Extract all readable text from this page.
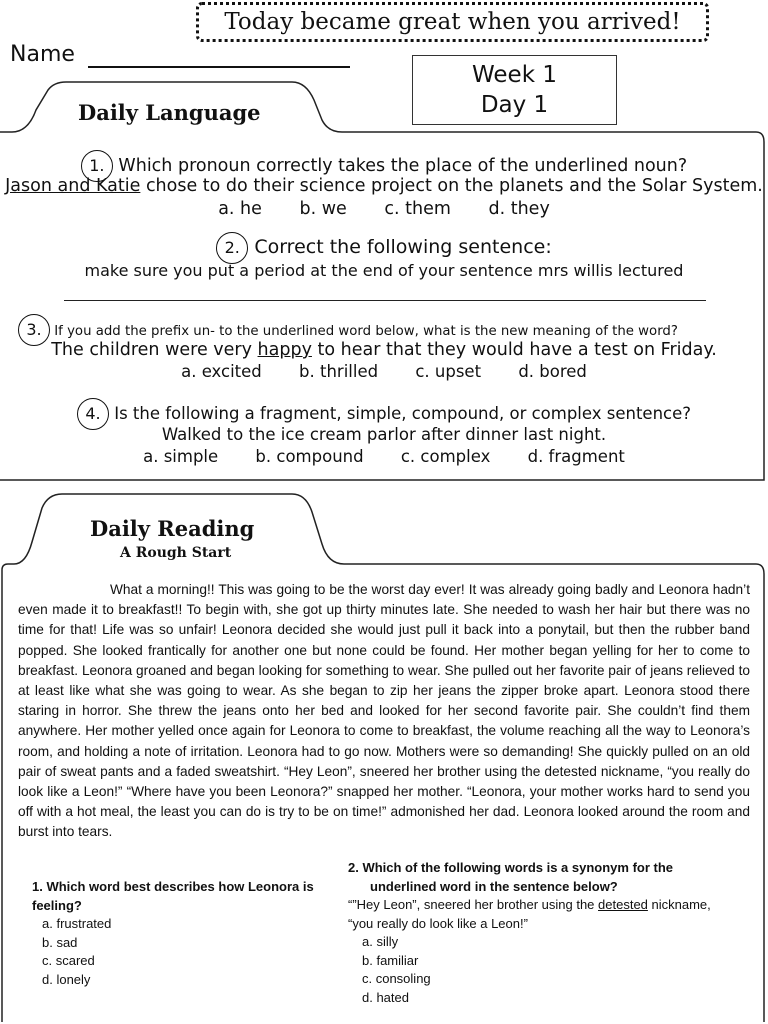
Today became great when you arrived!
Name
Week 1
Day 1
Daily Language
1. Which pronoun correctly takes the place of the underlined noun?
Jason and Katie chose to do their science project on the planets and the Solar System.
a. he b. we c. them d. they
2. Correct the following sentence:
make sure you put a period at the end of your sentence mrs willis lectured
3. If you add the prefix un- to the underlined word below, what is the new meaning of the word?
The children were very happy to hear that they would have a test on Friday.
a. excited b. thrilled c. upset d. bored
4. Is the following a fragment, simple, compound, or complex sentence?
Walked to the ice cream parlor after dinner last night.
a. simple b. compound c. complex d. fragment
Daily Reading
A Rough Start
What a morning!! This was going to be the worst day ever! It was already going badly and Leonora hadn’t even made it to breakfast!! To begin with, she got up thirty minutes late. She needed to wash her hair but there was no time for that! Life was so unfair! Leonora decided she would just pull it back into a ponytail, but then the rubber band popped. She looked frantically for another one but none could be found. Her mother began yelling for her to come to breakfast. Leonora groaned and began looking for something to wear. She pulled out her favorite pair of jeans relieved to at least like what she was going to wear. As she began to zip her jeans the zipper broke apart. Leonora stood there staring in horror. She threw the jeans onto her bed and looked for her second favorite pair. She couldn’t find them anywhere. Her mother yelled once again for Leonora to come to breakfast, the volume reaching all the way to Leonora’s room, and holding a note of irritation. Leonora had to go now. Mothers were so demanding! She quickly pulled on an old pair of sweat pants and a faded sweatshirt. “Hey Leon”, sneered her brother using the detested nickname, “you really do look like a Leon!” “Where have you been Leonora?” snapped her mother. “Leonora, your mother works hard to send you off with a hot meal, the least you can do is try to be on time!” admonished her dad. Leonora looked around the room and burst into tears.
1. Which word best describes how Leonora is feeling?
a. frustrated
b. sad
c. scared
d. lonely
2. Which of the following words is a synonym for the
underlined word in the sentence below?
“”Hey Leon”, sneered her brother using the detested nickname,
“you really do look like a Leon!”
a. silly
b. familiar
c. consoling
d. hated
